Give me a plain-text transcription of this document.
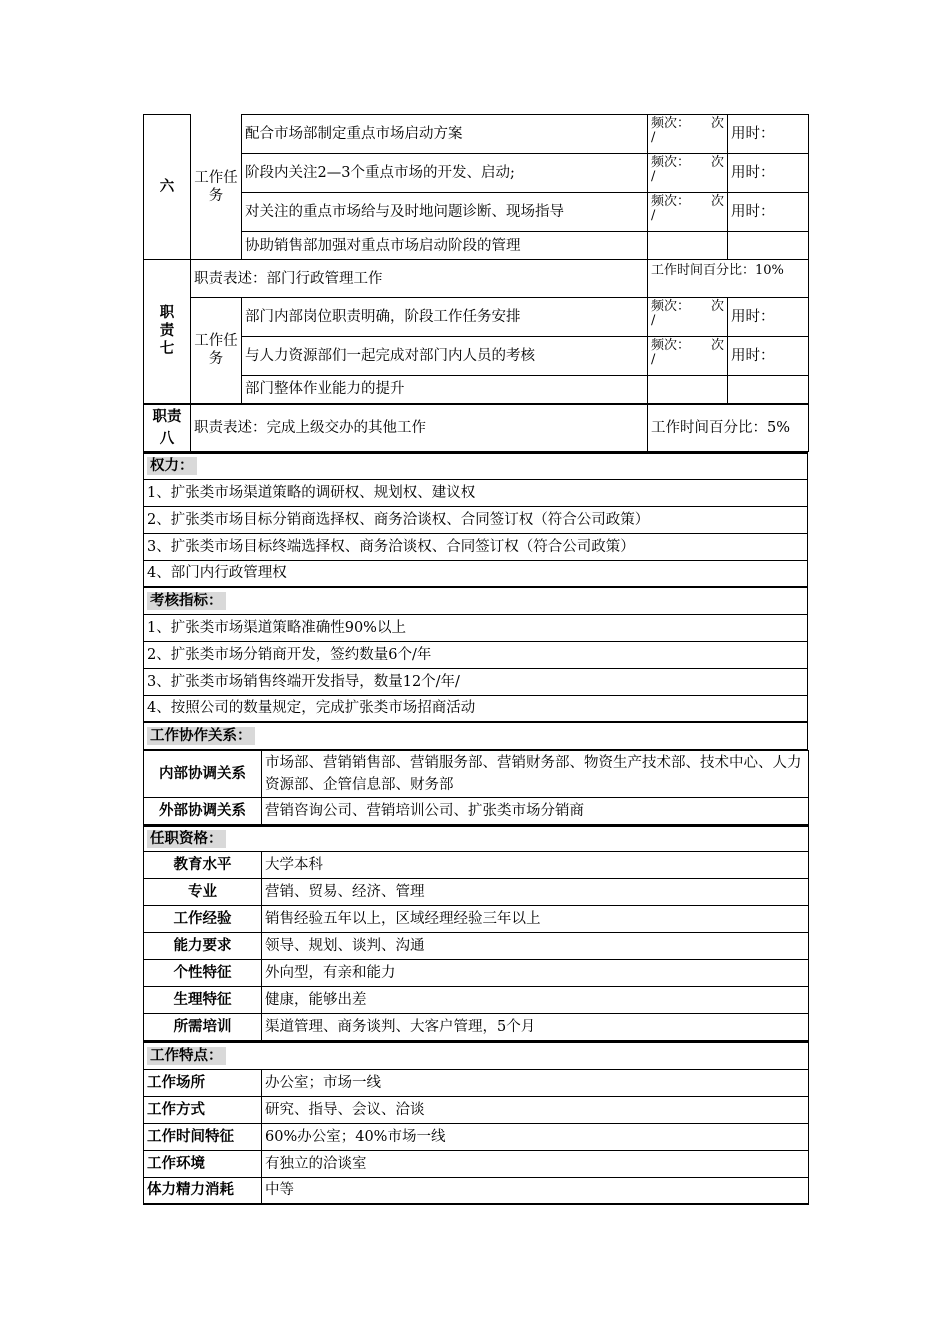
六	工作任务	配合市场部制定重点市场启动方案	频次： 次
/	用时：
		阶段内关注2—3个重点市场的开发、启动;	频次： 次
/	用时：
		对关注的重点市场给与及时地问题诊断、现场指导	频次： 次
/	用时：
		协助销售部加强对重点市场启动阶段的管理		
职责七	职责表述：部门行政管理工作		工作时间百分比：10%	
	工作任务	部门内部岗位职责明确，阶段工作任务安排	频次： 次
/	用时：
		与人力资源部们一起完成对部门内人员的考核	频次： 次
/	用时：
		部门整体作业能力的提升		
职责八	职责表述：完成上级交办的其他工作		工作时间百分比：5%	
权力：
1、扩张类市场渠道策略的调研权、规划权、建议权
2、扩张类市场目标分销商选择权、商务洽谈权、合同签订权（符合公司政策）
3、扩张类市场目标终端选择权、商务洽谈权、合同签订权（符合公司政策）
4、部门内行政管理权
考核指标：
1、扩张类市场渠道策略准确性90%以上
2、扩张类市场分销商开发，签约数量6个/年
3、扩张类市场销售终端开发指导，数量12个/年/
4、按照公司的数量规定，完成扩张类市场招商活动
工作协作关系：
内部协调关系	市场部、营销销售部、营销服务部、营销财务部、物资生产技术部、技术中心、人力资源部、企管信息部、财务部
外部协调关系	营销咨询公司、营销培训公司、扩张类市场分销商
任职资格：	
教育水平	大学本科
专业	营销、贸易、经济、管理
工作经验	销售经验五年以上，区域经理经验三年以上
能力要求	领导、规划、谈判、沟通
个性特征	外向型，有亲和能力
生理特征	健康，能够出差
所需培训	渠道管理、商务谈判、大客户管理，5个月
工作特点：	
工作场所	办公室；市场一线
工作方式	研究、指导、会议、洽谈
工作时间特征	60%办公室；40%市场一线
工作环境	有独立的洽谈室
体力精力消耗	中等
